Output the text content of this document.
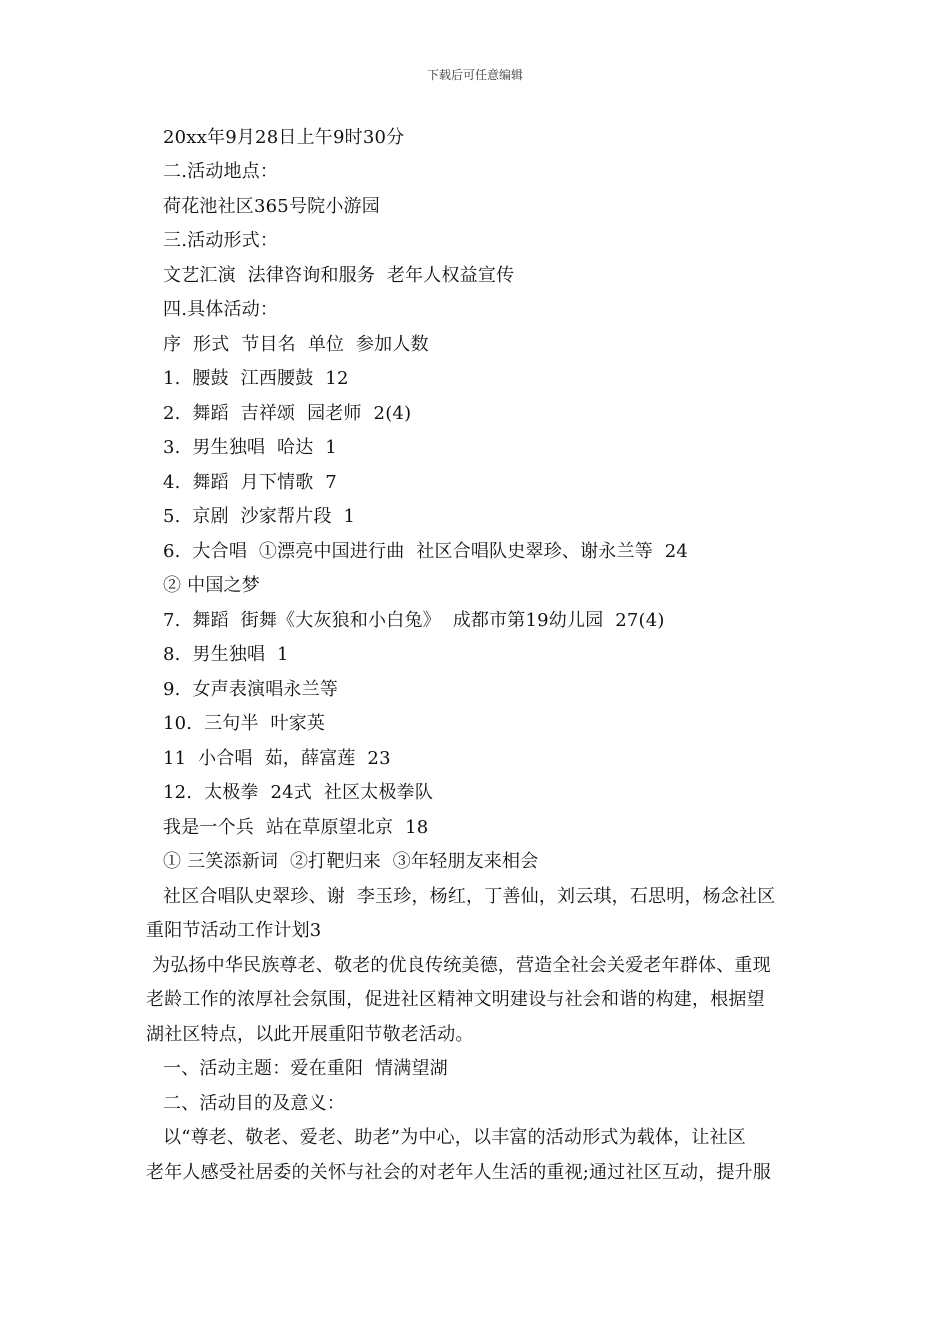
下载后可任意编辑
20xx年9月28日上午9时30分
二.活动地点：
荷花池社区365号院小游园
三.活动形式：
文艺汇演  法律咨询和服务  老年人权益宣传
四.具体活动：
序  形式  节目名  单位  参加人数
1.  腰鼓  江西腰鼓  12
2.  舞蹈  吉祥颂  园老师  2(4)
3.  男生独唱  哈达  1
4.  舞蹈  月下情歌  7
5.  京剧  沙家帮片段  1
6.  大合唱  ①漂亮中国进行曲  社区合唱队史翠珍、谢永兰等  24
② 中国之梦
7.  舞蹈  街舞《大灰狼和小白兔》  成都市第19幼儿园  27(4)
8.  男生独唱  1
9.  女声表演唱永兰等
10.  三句半  叶家英
11  小合唱  茹，薛富莲  23
12.  太极拳  24式  社区太极拳队
我是一个兵  站在草原望北京  18
① 三笑添新词  ②打靶归来  ③年轻朋友来相会
社区合唱队史翠珍、谢  李玉珍，杨红，丁善仙，刘云琪，石思明，杨念社区
重阳节活动工作计划3
为弘扬中华民族尊老、敬老的优良传统美德，营造全社会关爱老年群体、重现
老龄工作的浓厚社会氛围，促进社区精神文明建设与社会和谐的构建，根据望
湖社区特点，以此开展重阳节敬老活动。
一、活动主题：爱在重阳  情满望湖
二、活动目的及意义：
以“尊老、敬老、爱老、助老”为中心，以丰富的活动形式为载体，让社区
老年人感受社居委的关怀与社会的对老年人生活的重视;通过社区互动，提升服
